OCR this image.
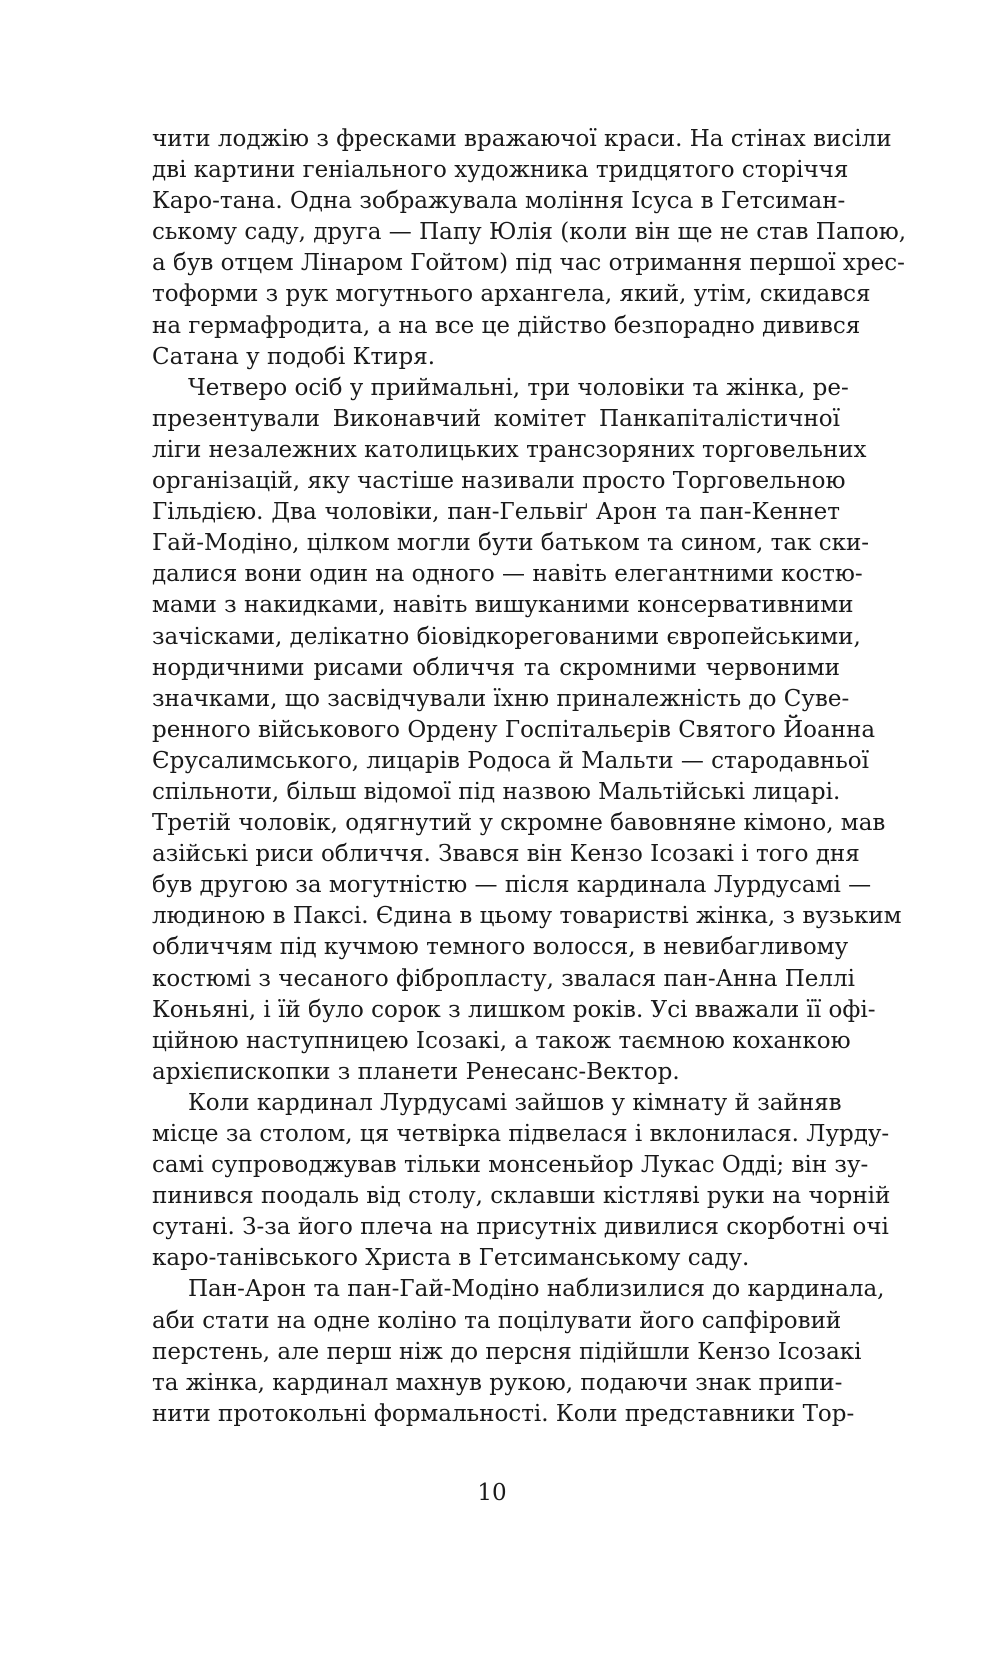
чити лоджію з фресками вражаючої краси. На стінах висіли
дві картини геніального художника тридцятого сторіччя
Каро-тана. Одна зображувала моління Ісуса в Гетсиман-
ському саду, друга — Папу Юлія (коли він ще не став Папою,
а був отцем Лінаром Гойтом) під час отримання першої хрес-
тоформи з рук могутнього архангела, який, утім, скидався
на гермафродита, а на все це дійство безпорадно дивився
Сатана у подобі Ктиря.
Четверо осіб у приймальні, три чоловіки та жінка, ре-
презентували Виконавчий комітет Панкапіталістичної
ліги незалежних католицьких трансзоряних торговельних
організацій, яку частіше називали просто Торговельною
Гільдією. Два чоловіки, пан-Гельвіґ Арон та пан-Кеннет
Гай-Модіно, цілком могли бути батьком та сином, так ски-
далися вони один на одного — навіть елегантними костю-
мами з накидками, навіть вишуканими консервативними
зачісками, делікатно біовідкорегованими європейськими,
нордичними рисами обличчя та скромними червоними
значками, що засвідчували їхню приналежність до Суве-
ренного військового Ордену Госпітальєрів Святого Йоанна
Єрусалимського, лицарів Родоса й Мальти — стародавньої
спільноти, більш відомої під назвою Мальтійські лицарі.
Третій чоловік, одягнутий у скромне бавовняне кімоно, мав
азійські риси обличчя. Звався він Кензо Ісозакі і того дня
був другою за могутністю — після кардинала Лурдусамі —
людиною в Паксі. Єдина в цьому товаристві жінка, з вузьким
обличчям під кучмою темного волосся, в невибагливому
костюмі з чесаного фібропласту, звалася пан-Анна Пеллі
Коньяні, і їй було сорок з лишком років. Усі вважали її офі-
ційною наступницею Ісозакі, а також таємною коханкою
архієпископки з планети Ренесанс-Вектор.
Коли кардинал Лурдусамі зайшов у кімнату й зайняв
місце за столом, ця четвірка підвелася і вклонилася. Лурду-
самі супроводжував тільки монсеньйор Лукас Одді; він зу-
пинився поодаль від столу, склавши кістляві руки на чорній
сутані. З-за його плеча на присутніх дивилися скорботні очі
каро-танівського Христа в Гетсиманському саду.
Пан-Арон та пан-Гай-Модіно наблизилися до кардинала,
аби стати на одне коліно та поцілувати його сапфіровий
перстень, але перш ніж до персня підійшли Кензо Ісозакі
та жінка, кардинал махнув рукою, подаючи знак припи-
нити протокольні формальності. Коли представники Тор-
10
